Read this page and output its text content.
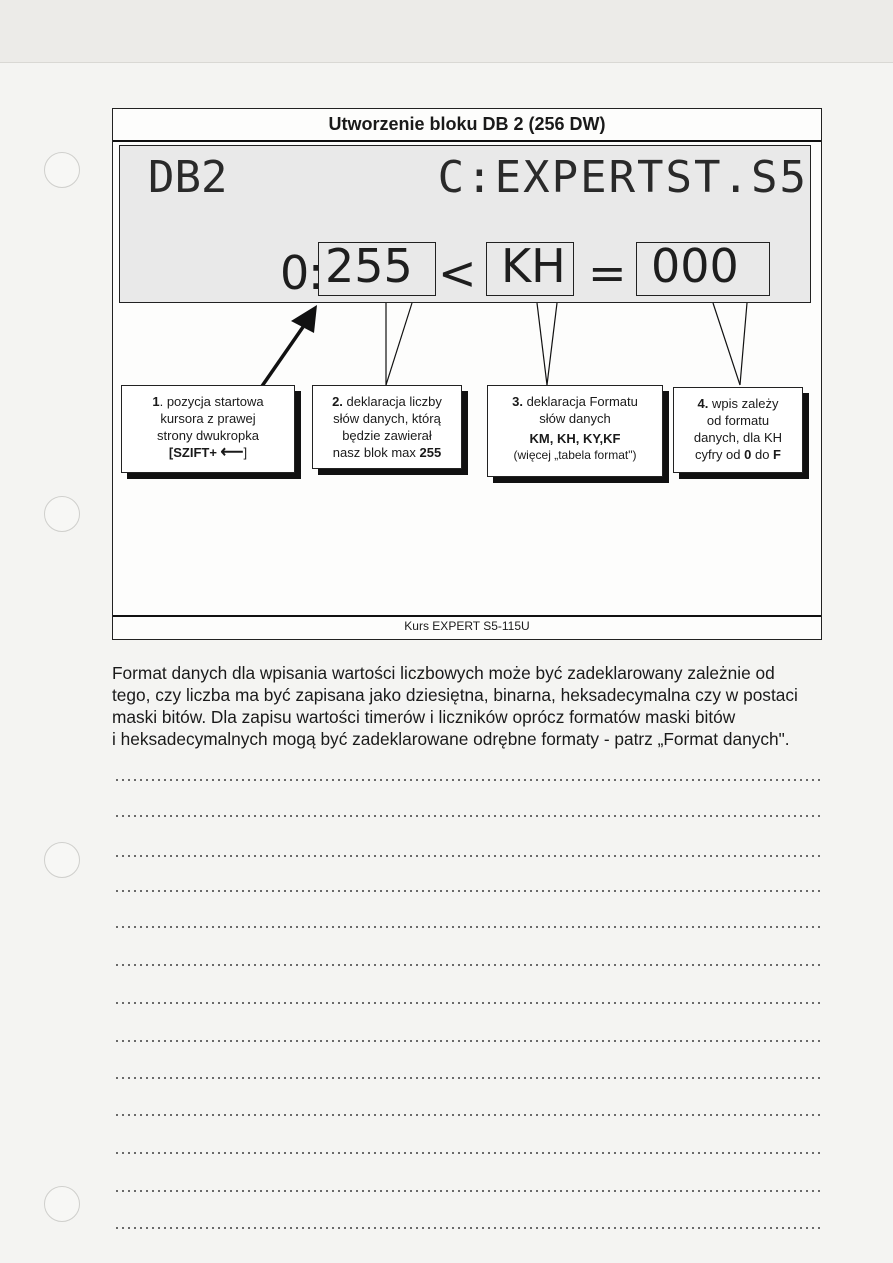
Utworzenie bloku DB 2 (256 DW)
DB2	C:EXPERTST.S5
0
: 255 < KH = 000
1. pozycja startowa
kursora z prawej
strony dwukropka
[SZIFT+ ⟵]
2. deklaracja liczby
słów danych, którą
będzie zawierał
nasz blok max 255
3. deklaracja Formatu
słów danych
KM, KH, KY,KF
(więcej „tabela format")
4. wpis zależy
od formatu
danych, dla KH
cyfry od 0 do F
Kurs EXPERT S5-115U
Format danych dla wpisania wartości liczbowych może być zadeklarowany zależnie od
tego, czy liczba ma być zapisana jako dziesiętna, binarna, heksadecymalna czy w postaci
maski bitów. Dla zapisu wartości timerów i liczników oprócz formatów maski bitów
i heksadecymalnych mogą być zadeklarowane odrębne formaty - patrz „Format danych".
